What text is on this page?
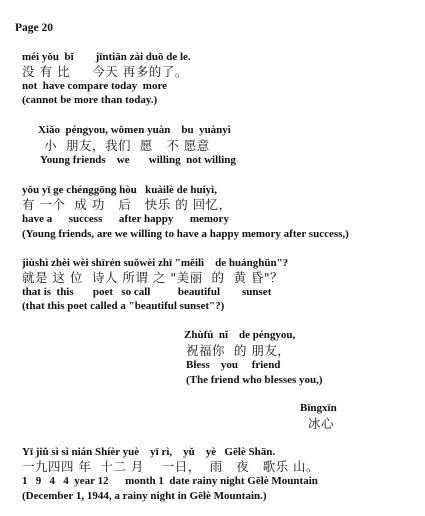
Page 20
méi yǒu  bǐ        jīntiān zài duō de le.
没 有 比     今天 再多的了。
not  have compare today  more
(cannot be more than today.)
Xiǎo  péngyou, wǒmen yuàn    bu  yuànyì
小  朋友，我们  愿   不 愿意
Young friends    we       willing  not willing
yǒu yī ge chénggōng hòu   kuàilè de huíyì,
有 一个  成 功   后   快乐 的 回忆，
have a      success      after happy      memory
(Young friends, are we willing to have a happy memory after success,)
jiùshì zhèi wèi shīrén suǒwèi zhī "měilì    de huánghūn"?
就是 这 位  诗人 所谓 之 "美丽  的  黄 昏"？
that is  this       poet   so call          beautiful        sunset
(that this poet called a "beautiful sunset"?)
Zhùfú  nǐ    de péngyou,
祝福你  的 朋友，
Bless    you     friend
(The friend who blesses you,)
Bīngxīn
冰心
Yī jiǔ sì sì nián Shíèr yuè    yī rì,    yǔ    yè   Gēlè Shān.
一九四四 年  十二 月    一日，  雨   夜   歌乐 山。
1   9   4   4  year 12      month 1  date rainy night Gēlè Mountain
(December 1, 1944, a rainy night in Gēlè Mountain.)
